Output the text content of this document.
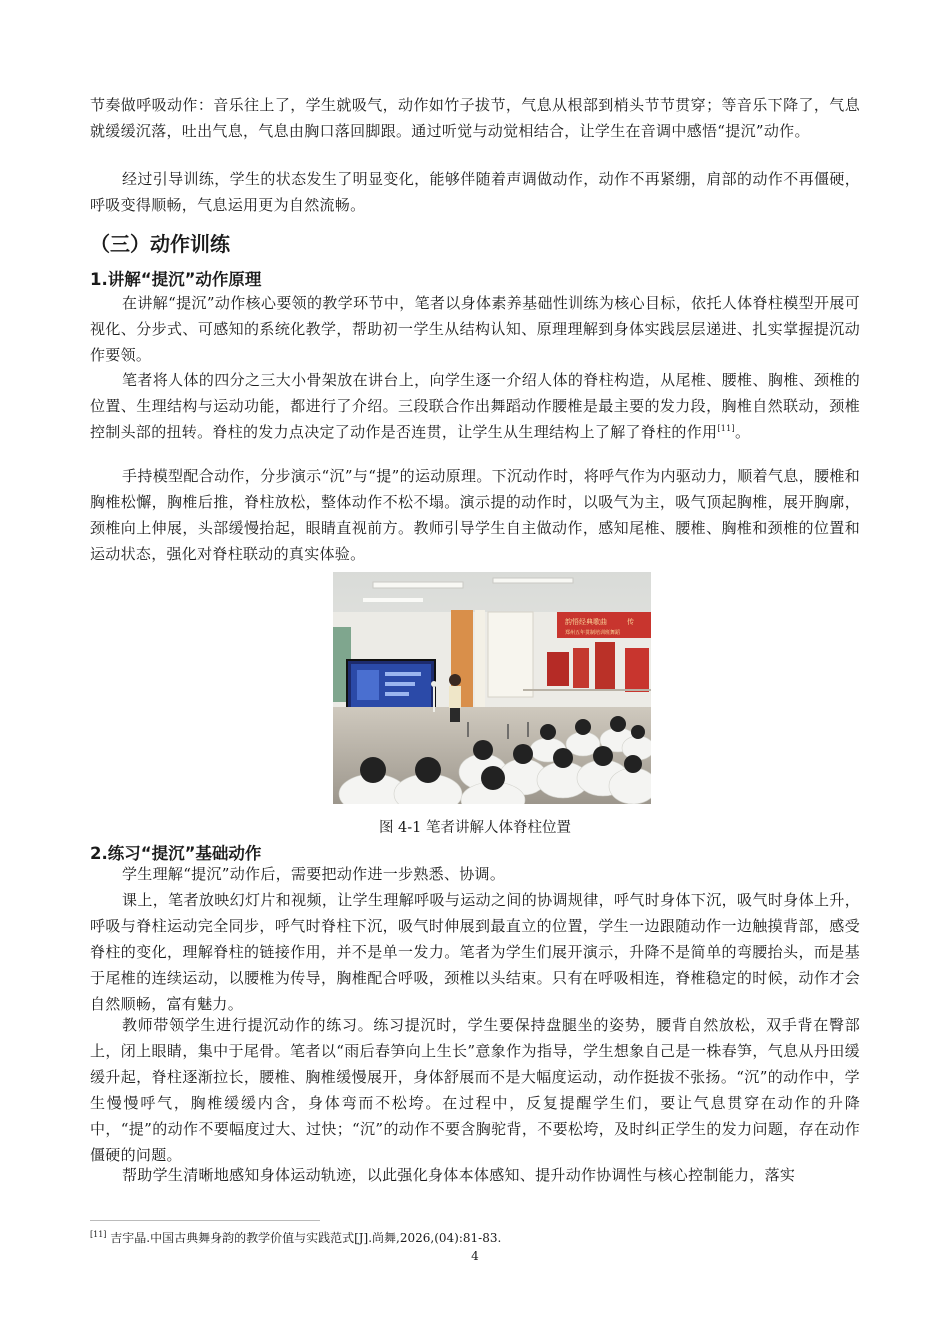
节奏做呼吸动作：音乐往上了，学生就吸气，动作如竹子拔节，气息从根部到梢头节节贯穿；等音乐下降了，气息就缓缓沉落，吐出气息，气息由胸口落回脚跟。通过听觉与动觉相结合，让学生在音调中感悟“提沉”动作。

经过引导训练，学生的状态发生了明显变化，能够伴随着声调做动作，动作不再紧绷，肩部的动作不再僵硬，呼吸变得顺畅，气息运用更为自然流畅。

（三）动作训练
1.讲解“提沉”动作原理

在讲解“提沉”动作核心要领的教学环节中，笔者以身体素养基础性训练为核心目标，依托人体脊柱模型开展可视化、分步式、可感知的系统化教学，帮助初一学生从结构认知、原理理解到身体实践层层递进、扎实掌握提沉动作要领。

笔者将人体的四分之三大小骨架放在讲台上，向学生逐一介绍人体的脊柱构造，从尾椎、腰椎、胸椎、颈椎的位置、生理结构与运动功能，都进行了介绍。三段联合作出舞蹈动作腰椎是最主要的发力段，胸椎自然联动，颈椎控制头部的扭转。脊柱的发力点决定了动作是否连贯，让学生从生理结构上了解了脊柱的作用[11]。

手持模型配合动作，分步演示“沉”与“提”的运动原理。下沉动作时，将呼气作为内驱动力，顺着气息，腰椎和胸椎松懈，胸椎后推，脊柱放松，整体动作不松不塌。演示提的动作时，以吸气为主，吸气顶起胸椎，展开胸廓，颈椎向上伸展，头部缓慢抬起，眼睛直视前方。教师引导学生自主做动作，感知尾椎、腰椎、胸椎和颈椎的位置和运动状态，强化对脊柱联动的真实体验。

韵悟经典歌曲	传
郑州五年贯制培训班舞蹈

图 4-1 笔者讲解人体脊柱位置

2.练习“提沉”基础动作

学生理解“提沉”动作后，需要把动作进一步熟悉、协调。

课上，笔者放映幻灯片和视频，让学生理解呼吸与运动之间的协调规律，呼气时身体下沉，吸气时身体上升，呼吸与脊柱运动完全同步，呼气时脊柱下沉，吸气时伸展到最直立的位置，学生一边跟随动作一边触摸背部，感受脊柱的变化，理解脊柱的链接作用，并不是单一发力。笔者为学生们展开演示，升降不是简单的弯腰抬头，而是基于尾椎的连续运动，以腰椎为传导，胸椎配合呼吸，颈椎以头结束。只有在呼吸相连，脊椎稳定的时候，动作才会自然顺畅，富有魅力。

教师带领学生进行提沉动作的练习。练习提沉时，学生要保持盘腿坐的姿势，腰背自然放松，双手背在臀部上，闭上眼睛，集中于尾骨。笔者以“雨后春笋向上生长”意象作为指导，学生想象自己是一株春笋，气息从丹田缓缓升起，脊柱逐渐拉长，腰椎、胸椎缓慢展开，身体舒展而不是大幅度运动，动作挺拔不张扬。“沉”的动作中，学生慢慢呼气，胸椎缓缓内含，身体弯而不松垮。在过程中，反复提醒学生们，要让气息贯穿在动作的升降中，“提”的动作不要幅度过大、过快；“沉”的动作不要含胸驼背，不要松垮，及时纠正学生的发力问题，存在动作僵硬的问题。

帮助学生清晰地感知身体运动轨迹，以此强化身体本体感知、提升动作协调性与核心控制能力，落实

[11] 吉宇晶.中国古典舞身韵的教学价值与实践范式[J].尚舞,2026,(04):81-83.

4
